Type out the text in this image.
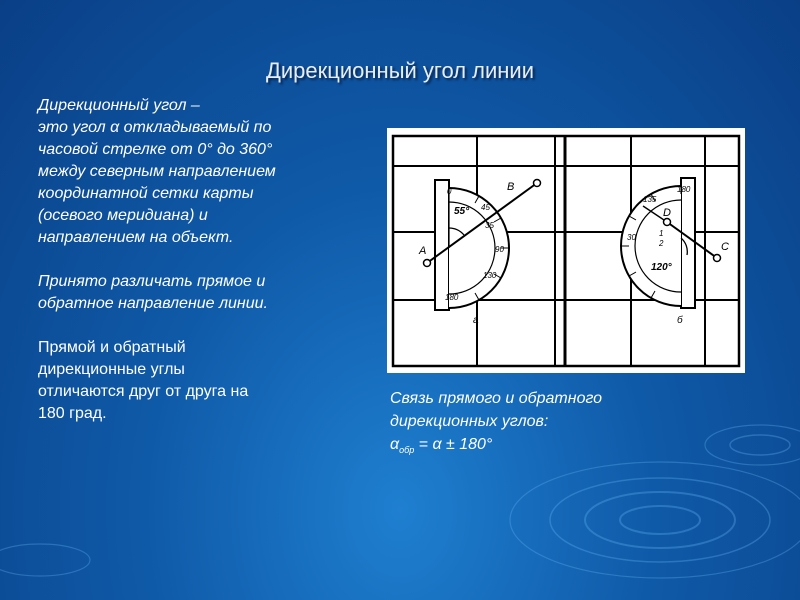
Дирекционный угол линии
Дирекционный угол –
это угол α откладываемый по
часовой стрелке от 0° до 360°
между северным направлением
координатной сетки карты
(осевого меридиана) и
направлением на объект.
Принято различать прямое и
обратное направление линии.
Прямой и обратный
дирекционные углы
отличаются друг от друга на
180 град.
0
45
35
90
130
180
55°
A
В
а
180
135
30	1
2
120°
С
D
б
Связь прямого и обратного
дирекционных углов:
$\alpha_{обр} = \alpha \pm 180^\circ$
